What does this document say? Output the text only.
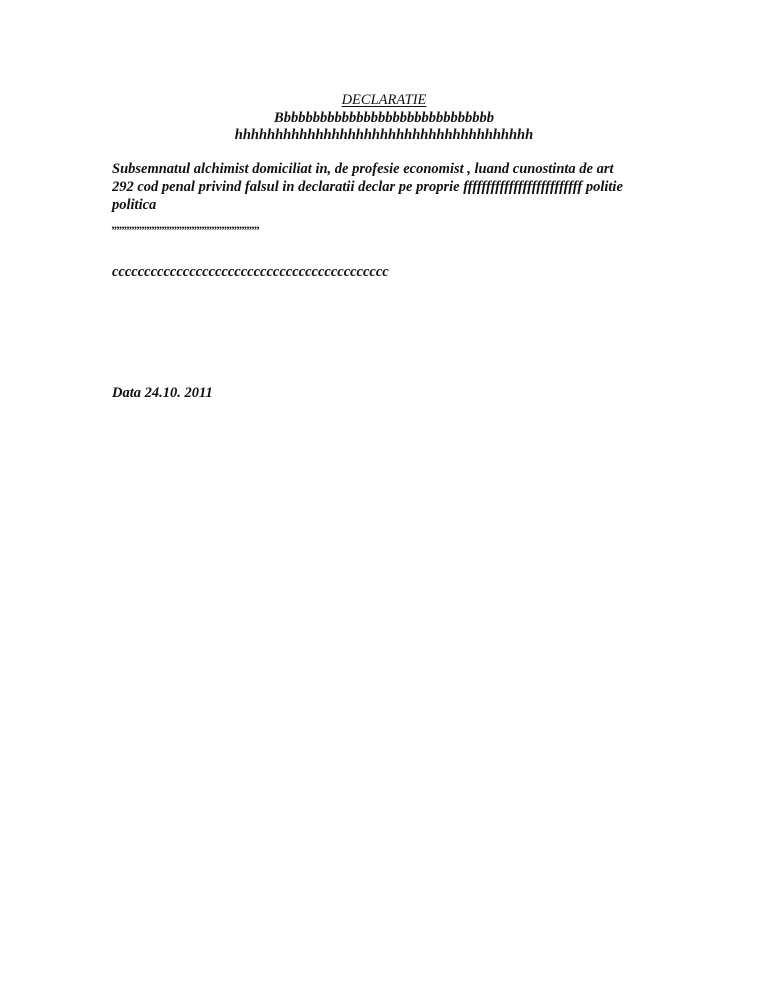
DECLARATIE
Bbbbbbbbbbbbbbbbbbbbbbbbbbbbbb
hhhhhhhhhhhhhhhhhhhhhhhhhhhhhhhhhhhhh
Subsemnatul alchimist domiciliat in, de profesie economist , luand cunostinta de art
292 cod penal privind falsul in declaratii declar pe proprie ffffffffffffffffffffffffff politie
politica
,,,,,,,,,,,,,,,,,,,,,,,,,,,,,,,,,,,,,,,,,,,,,,,,,,,,,,,,,,,
ccccccccccccccccccccccccccccccccccccccccccc
Data 24.10. 2011
